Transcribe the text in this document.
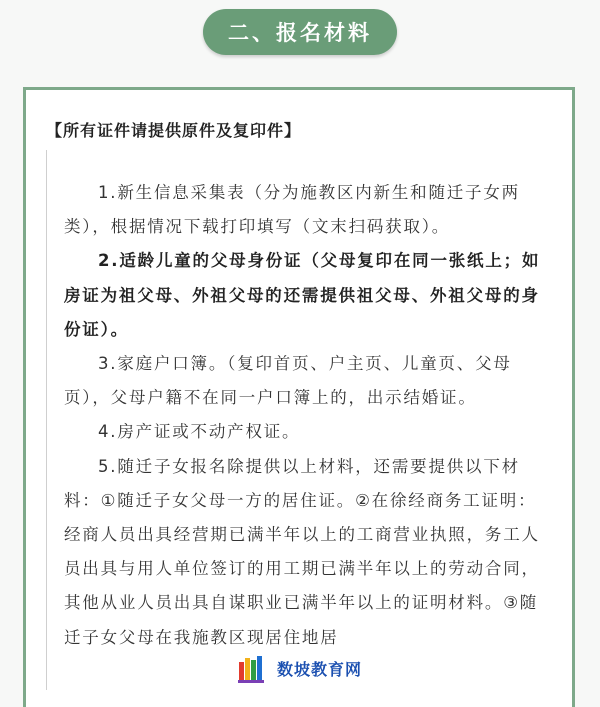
二、报名材料
【所有证件请提供原件及复印件】

1.新生信息采集表（分为施教区内新生和随迁子女两类），根据情况下载打印填写（文末扫码获取）。

2.适龄儿童的父母身份证（父母复印在同一张纸上；如房证为祖父母、外祖父母的还需提供祖父母、外祖父母的身份证）。

3.家庭户口簿。（复印首页、户主页、儿童页、父母页），父母户籍不在同一户口簿上的，出示结婚证。

4.房产证或不动产权证。

5.随迁子女报名除提供以上材料，还需要提供以下材料：①随迁子女父母一方的居住证。②在徐经商务工证明：经商人员出具经营期已满半年以上的工商营业执照，务工人员出具与用人单位签订的用工期已满半年以上的劳动合同，其他从业人员出具自谋职业已满半年以上的证明材料。③随迁子女父母在我施教区现居住地居

数坡教育网
